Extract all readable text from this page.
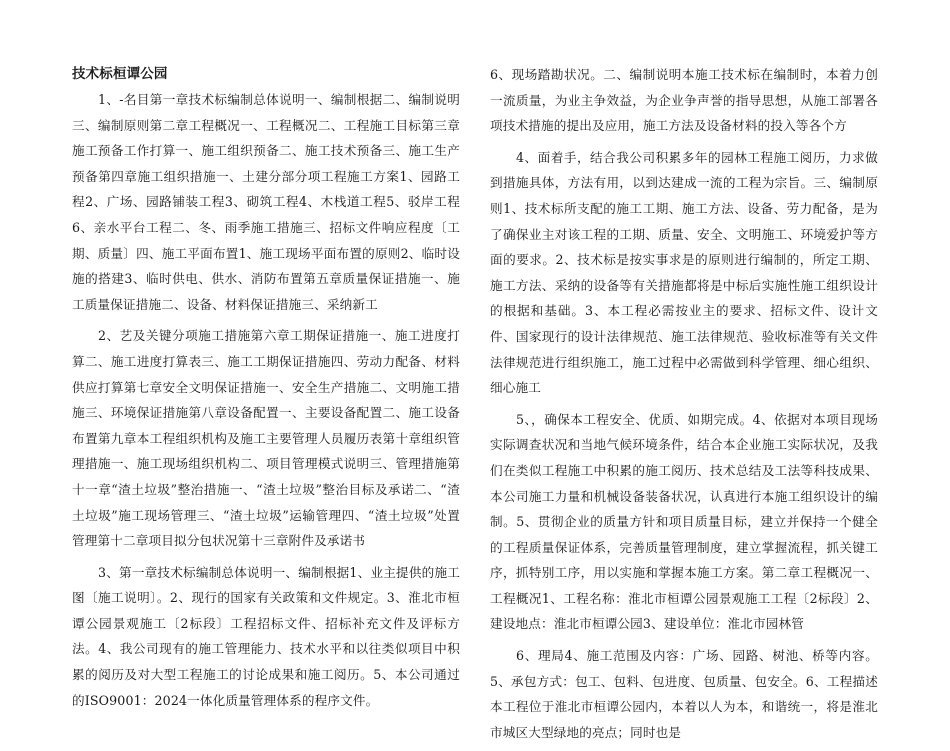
技术标桓谭公园

1、-名目第一章技术标编制总体说明一、编制根据二、编制说明三、编制原则第二章工程概况一、工程概况二、工程施工目标第三章施工预备工作打算一、施工组织预备二、施工技术预备三、施工生产预备第四章施工组织措施一、土建分部分项工程施工方案1、园路工程2、广场、园路铺装工程3、砌筑工程4、木栈道工程5、驳岸工程6、亲水平台工程二、冬、雨季施工措施三、招标文件响应程度〔工期、质量〕四、施工平面布置1、施工现场平面布置的原则2、临时设施的搭建3、临时供电、供水、消防布置第五章质量保证措施一、施工质量保证措施二、设备、材料保证措施三、采纳新工

2、艺及关键分项施工措施第六章工期保证措施一、施工进度打算二、施工进度打算表三、施工工期保证措施四、劳动力配备、材料供应打算第七章安全文明保证措施一、安全生产措施二、文明施工措施三、环境保证措施第八章设备配置一、主要设备配置二、施工设备布置第九章本工程组织机构及施工主要管理人员履历表第十章组织管理措施一、施工现场组织机构二、项目管理模式说明三、管理措施第十一章“渣土垃圾”整治措施一、“渣土垃圾”整治目标及承诺二、“渣土垃圾”施工现场管理三、“渣土垃圾”运输管理四、“渣土垃圾”处置管理第十二章项目拟分包状况第十三章附件及承诺书

3、第一章技术标编制总体说明一、编制根据1、业主提供的施工图〔施工说明〕。2、现行的国家有关政策和文件规定。3、淮北市桓谭公园景观施工〔2标段〕工程招标文件、招标补充文件及评标方法。4、我公司现有的施工管理能力、技术水平和以往类似项目中积累的阅历及对大型工程施工的讨论成果和施工阅历。5、本公司通过的ISO9001：2024一体化质量管理体系的程序文件。

6、现场踏勘状况。二、编制说明本施工技术标在编制时，本着力创一流质量，为业主争效益，为企业争声誉的指导思想，从施工部署各项技术措施的提出及应用，施工方法及设备材料的投入等各个方

4、面着手，结合我公司积累多年的园林工程施工阅历，力求做到措施具体，方法有用，以到达建成一流的工程为宗旨。三、编制原则1、技术标所支配的施工工期、施工方法、设备、劳力配备，是为了确保业主对该工程的工期、质量、安全、文明施工、环境爱护等方面的要求。2、技术标是按实事求是的原则进行编制的，所定工期、施工方法、采纳的设备等有关措施都将是中标后实施性施工组织设计的根据和基础。3、本工程必需按业主的要求、招标文件、设计文件、国家现行的设计法律规范、施工法律规范、验收标准等有关文件法律规范进行组织施工，施工过程中必需做到科学管理、细心组织、细心施工

5、，确保本工程安全、优质、如期完成。4、依据对本项目现场实际调查状况和当地气候环境条件，结合本企业施工实际状况，及我们在类似工程施工中积累的施工阅历、技术总结及工法等科技成果、本公司施工力量和机械设备装备状况，认真进行本施工组织设计的编制。5、贯彻企业的质量方针和项目质量目标，建立并保持一个健全的工程质量保证体系，完善质量管理制度，建立掌握流程，抓关键工序，抓特别工序，用以实施和掌握本施工方案。第二章工程概况一、工程概况1、工程名称：淮北市桓谭公园景观施工工程〔2标段〕2、建设地点：淮北市桓谭公园3、建设单位：淮北市园林管

6、理局4、施工范围及内容：广场、园路、树池、桥等内容。5、承包方式：包工、包料、包进度、包质量、包安全。6、工程描述本工程位于淮北市桓谭公园内，本着以人为本，和谐统一，将是淮北市城区大型绿地的亮点；同时也是
